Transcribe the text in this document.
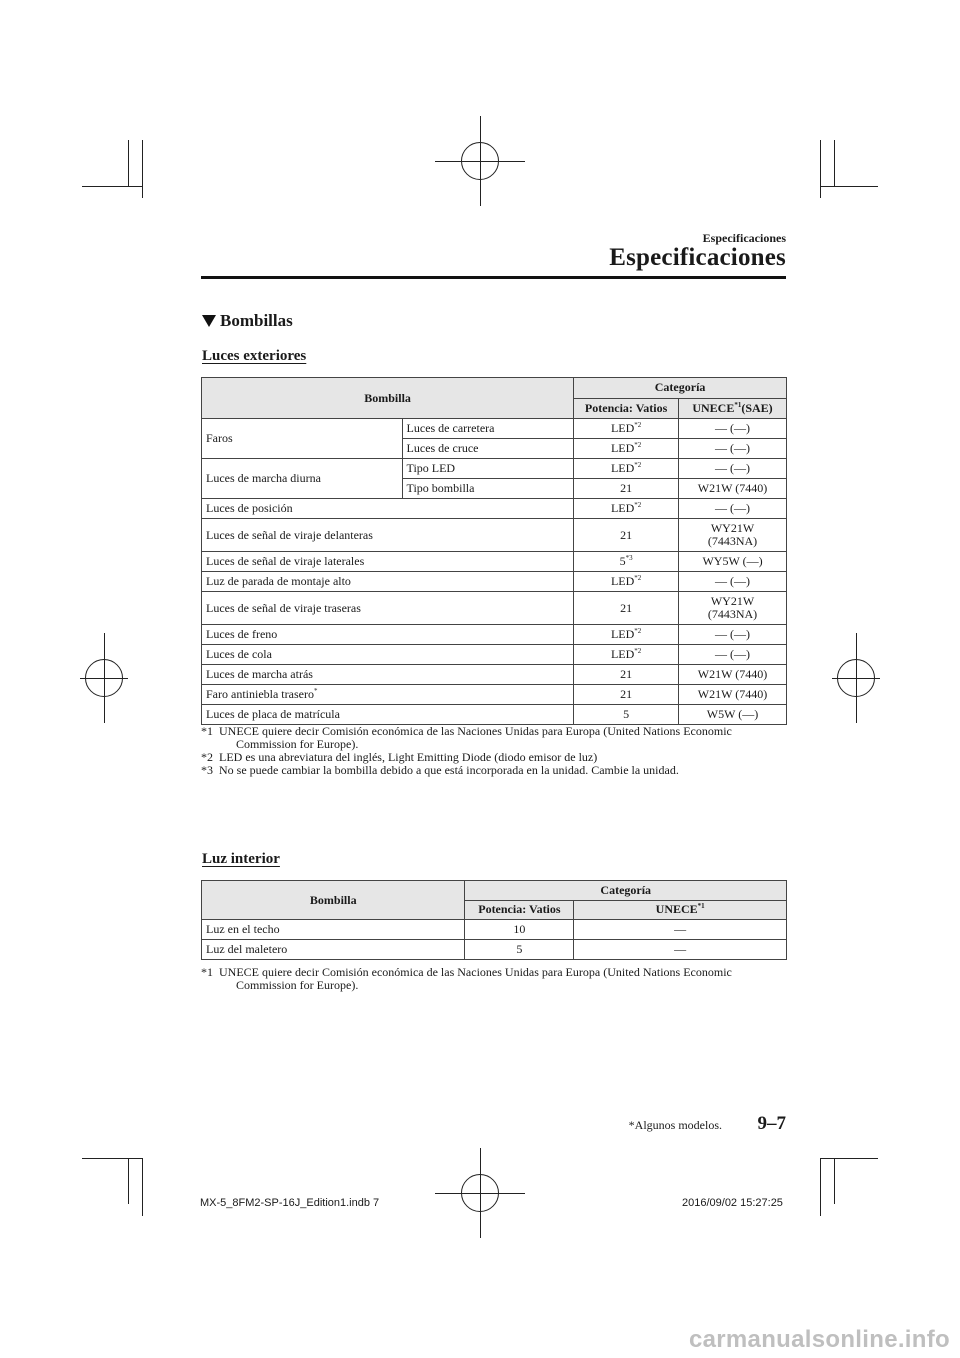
Especificaciones
Especificaciones
Bombillas
Luces exteriores
Bombilla		Categoría	
		Potencia: Vatios	UNECE$^{*1}$(SAE)
Faros	Luces de carretera	LED$^{*2}$	— (—)
	Luces de cruce	LED$^{*2}$	— (—)
Luces de marcha diurna	Tipo LED	LED$^{*2}$	— (—)
	Tipo bombilla	21	W21W (7440)
Luces de posición		LED$^{*2}$	— (—)
Luces de señal de viraje delanteras		21	WY21W
(7443NA)
Luces de señal de viraje laterales		5$^{*3}$	WY5W (—)
Luz de parada de montaje alto		LED$^{*2}$	— (—)
Luces de señal de viraje traseras		21	WY21W
(7443NA)
Luces de freno		LED$^{*2}$	— (—)
Luces de cola		LED$^{*2}$	— (—)
Luces de marcha atrás		21	W21W (7440)
Faro antiniebla trasero*		21	W21W (7440)
Luces de placa de matrícula		5	W5W (—)
*1 UNECE quiere decir Comisión económica de las Naciones Unidas para Europa (United Nations Economic
Commission for Europe).
*2 LED es una abreviatura del inglés, Light Emitting Diode (diodo emisor de luz)
*3 No se puede cambiar la bombilla debido a que está incorporada en la unidad. Cambie la unidad.
Luz interior
Bombilla	Categoría	
	Potencia: Vatios	UNECE$^{*1}$
Luz en el techo	10	—
Luz del maletero	5	—
*1 UNECE quiere decir Comisión económica de las Naciones Unidas para Europa (United Nations Economic
Commission for Europe).
*Algunos modelos. 9–7
MX-5_8FM2-SP-16J_Edition1.indb 7	2016/09/02 15:27:25
carmanualsonline.info
